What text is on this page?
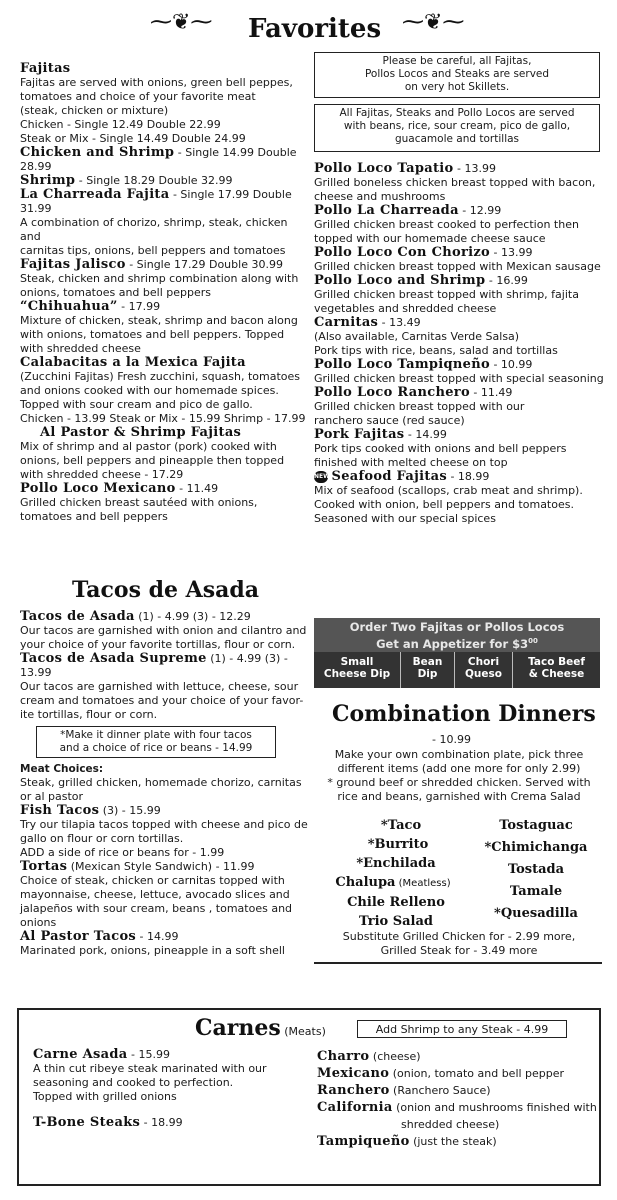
⁓❦⁓ Favorites ⁓❦⁓
Fajitas
Fajitas are served with onions, green bell peppes,
tomatoes and choice of your favorite meat
(steak, chicken or mixture)
Chicken - Single 12.49 Double 22.99
Steak or Mix - Single 14.49 Double 24.99
Chicken and Shrimp - Single 14.99 Double 28.99
Shrimp - Single 18.29 Double 32.99
La Charreada Fajita - Single 17.99 Double 31.99
A combination of chorizo, shrimp, steak, chicken and
carnitas tips, onions, bell peppers and tomatoes
Fajitas Jalisco - Single 17.29 Double 30.99
Steak, chicken and shrimp combination along with
onions, tomatoes and bell peppers
“Chihuahua” - 17.99
Mixture of chicken, steak, shrimp and bacon along
with onions, tomatoes and bell peppers. Topped
with shredded cheese
Calabacitas a la Mexica Fajita
(Zucchini Fajitas) Fresh zucchini, squash, tomatoes
and onions cooked with our homemade spices.
Topped with sour cream and pico de gallo.
Chicken - 13.99 Steak or Mix - 15.99 Shrimp - 17.99
Al Pastor & Shrimp Fajitas
Mix of shrimp and al pastor (pork) cooked with
onions, bell peppers and pineapple then topped
with shredded cheese - 17.29
Pollo Loco Mexicano - 11.49
Grilled chicken breast sautéed with onions,
tomatoes and bell peppers
Please be careful, all Fajitas,
Pollos Locos and Steaks are served
on very hot Skillets.
All Fajitas, Steaks and Pollo Locos are served
with beans, rice, sour cream, pico de gallo,
guacamole and tortillas
Pollo Loco Tapatio - 13.99
Grilled boneless chicken breast topped with bacon,
cheese and mushrooms
Pollo La Charreada - 12.99
Grilled chicken breast cooked to perfection then
topped with our homemade cheese sauce
Pollo Loco Con Chorizo - 13.99
Grilled chicken breast topped with Mexican sausage
Pollo Loco and Shrimp - 16.99
Grilled chicken breast topped with shrimp, fajita
vegetables and shredded cheese
Carnitas - 13.49
(Also available, Carnitas Verde Salsa)
Pork tips with rice, beans, salad and tortillas
Pollo Loco Tampiqneño - 10.99
Grilled chicken breast topped with special seasoning
Pollo Loco Ranchero - 11.49
Grilled chicken breast topped with our
ranchero sauce (red sauce)
Pork Fajitas - 14.99
Pork tips cooked with onions and bell peppers
finished with melted cheese on top
NEW Seafood Fajitas - 18.99
Mix of seafood (scallops, crab meat and shrimp).
Cooked with onion, bell peppers and tomatoes.
Seasoned with our special spices
Tacos de Asada
Tacos de Asada (1) - 4.99 (3) - 12.29
Our tacos are garnished with onion and cilantro and
your choice of your favorite tortillas, flour or corn.
Tacos de Asada Supreme (1) - 4.99 (3) - 13.99
Our tacos are garnished with lettuce, cheese, sour
cream and tomatoes and your choice of your favor-
ite tortillas, flour or corn.
*Make it dinner plate with four tacos
and a choice of rice or beans - 14.99
Meat Choices:
Steak, grilled chicken, homemade chorizo, carnitas
or al pastor
Fish Tacos (3) - 15.99
Try our tilapia tacos topped with cheese and pico de
gallo on flour or corn tortillas.
ADD a side of rice or beans for - 1.99
Tortas (Mexican Style Sandwich) - 11.99
Choice of steak, chicken or carnitas topped with
mayonnaise, cheese, lettuce, avocado slices and
jalapeños with sour cream, beans , tomatoes and
onions
Al Pastor Tacos - 14.99
Marinated pork, onions, pineapple in a soft shell
Order Two Fajitas or Pollos Locos
Get an Appetizer for $\$3^{00}$
Small
Cheese Dip
Bean
Dip
Chori
Queso
Taco Beef
& Cheese
Combination Dinners
- 10.99
Make your own combination plate, pick three
different items (add one more for only 2.99)
* ground beef or shredded chicken. Served with
rice and beans, garnished with Crema Salad
*Taco
*Burrito
*Enchilada
Chalupa (Meatless)
Chile Relleno
Trio Salad
Tostaguac
*Chimichanga
Tostada
Tamale
*Quesadilla
Substitute Grilled Chicken for - 2.99 more,
Grilled Steak for - 3.49 more
Carnes (Meats)	Add Shrimp to any Steak - 4.99
Carne Asada - 15.99
A thin cut ribeye steak marinated with our
seasoning and cooked to perfection.
Topped with grilled onions
T-Bone Steaks - 18.99
Charro (cheese)
Mexicano (onion, tomato and bell pepper
Ranchero (Ranchero Sauce)
California (onion and mushrooms finished with
shredded cheese)
Tampiqueño (just the steak)
